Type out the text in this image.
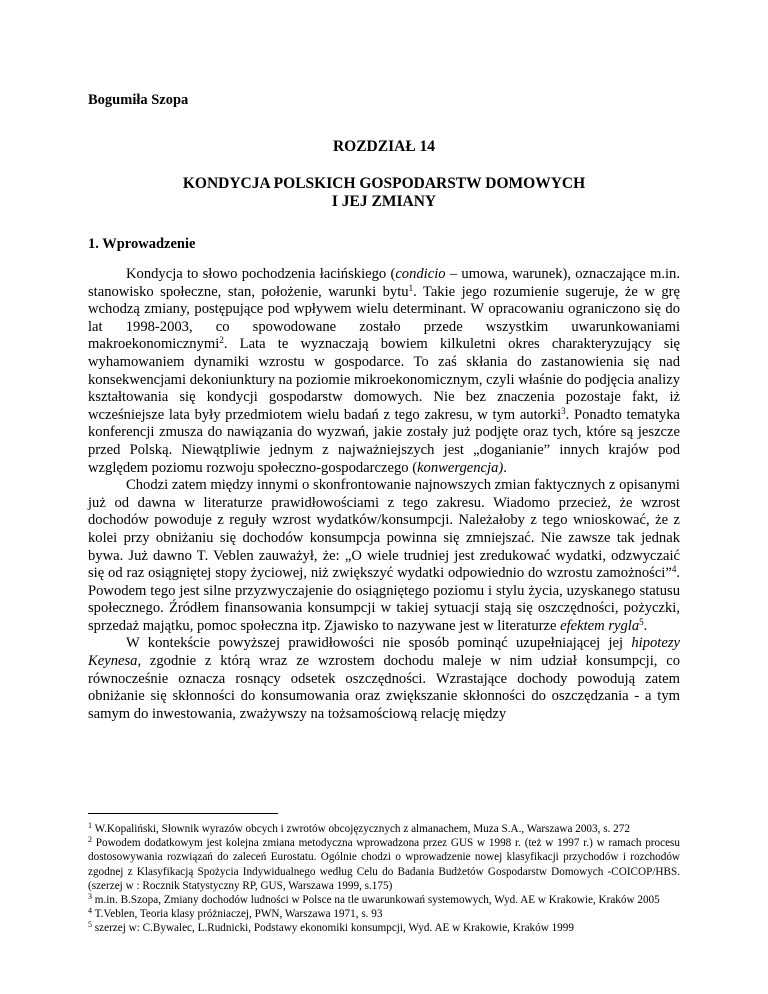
Bogumiła Szopa
ROZDZIAŁ 14
KONDYCJA POLSKICH GOSPODARSTW DOMOWYCH
I JEJ ZMIANY
1. Wprowadzenie

Kondycja to słowo pochodzenia łacińskiego (condicio – umowa, warunek), oznaczające m.in. stanowisko społeczne, stan, położenie, warunki bytu$^1$. Takie jego rozumienie sugeruje, że w grę wchodzą zmiany, postępujące pod wpływem wielu determinant. W opracowaniu ograniczono się do lat 1998-2003, co spowodowane zostało przede wszystkim uwarunkowaniami makroekonomicznymi$^2$. Lata te wyznaczają bowiem kilkuletni okres charakteryzujący się wyhamowaniem dynamiki wzrostu w gospodarce. To zaś skłania do zastanowienia się nad konsekwencjami dekoniunktury na poziomie mikroekonomicznym, czyli właśnie do podjęcia analizy kształtowania się kondycji gospodarstw domowych. Nie bez znaczenia pozostaje fakt, iż wcześniejsze lata były przedmiotem wielu badań z tego zakresu, w tym autorki$^3$. Ponadto tematyka konferencji zmusza do nawiązania do wyzwań, jakie zostały już podjęte oraz tych, które są jeszcze przed Polską. Niewątpliwie jednym z najważniejszych jest „doganianie” innych krajów pod względem poziomu rozwoju społeczno-gospodarczego (konwergencja).

Chodzi zatem między innymi o skonfrontowanie najnowszych zmian faktycznych z opisanymi już od dawna w literaturze prawidłowościami z tego zakresu. Wiadomo przecież, że wzrost dochodów powoduje z reguły wzrost wydatków/konsumpcji. Należałoby z tego wnioskować, że z kolei przy obniżaniu się dochodów konsumpcja powinna się zmniejszać. Nie zawsze tak jednak bywa. Już dawno T. Veblen zauważył, że: „O wiele trudniej jest zredukować wydatki, odzwyczaić się od raz osiągniętej stopy życiowej, niż zwiększyć wydatki odpowiednio do wzrostu zamożności”$^4$. Powodem tego jest silne przyzwyczajenie do osiągniętego poziomu i stylu życia, uzyskanego statusu społecznego. Źródłem finansowania konsumpcji w takiej sytuacji stają się oszczędności, pożyczki, sprzedaż majątku, pomoc społeczna itp. Zjawisko to nazywane jest w literaturze efektem rygla$^5$.

W kontekście powyższej prawidłowości nie sposób pominąć uzupełniającej jej hipotezy Keynesa, zgodnie z którą wraz ze wzrostem dochodu maleje w nim udział konsumpcji, co równocześnie oznacza rosnący odsetek oszczędności. Wzrastające dochody powodują zatem obniżanie się skłonności do konsumowania oraz zwiększanie skłonności do oszczędzania - a tym samym do inwestowania, zważywszy na tożsamościową relację między

$^1$ W.Kopaliński, Słownik wyrazów obcych i zwrotów obcojęzycznych z almanachem, Muza S.A., Warszawa 2003, s. 272

$^2$ Powodem dodatkowym jest kolejna zmiana metodyczna wprowadzona przez GUS w 1998 r. (też w 1997 r.) w ramach procesu dostosowywania rozwiązań do zaleceń Eurostatu. Ogólnie chodzi o wprowadzenie nowej klasyfikacji przychodów i rozchodów zgodnej z Klasyfikacją Spożycia Indywidualnego według Celu do Badania Budżetów Gospodarstw Domowych -COICOP/HBS. (szerzej w : Rocznik Statystyczny RP, GUS, Warszawa 1999, s.175)

$^3$ m.in. B.Szopa, Zmiany dochodów ludności w Polsce na tle uwarunkowań systemowych, Wyd. AE w Krakowie, Kraków 2005

$^4$ T.Veblen, Teoria klasy próżniaczej, PWN, Warszawa 1971, s. 93

$^5$ szerzej w: C.Bywalec, L.Rudnicki, Podstawy ekonomiki konsumpcji, Wyd. AE w Krakowie, Kraków 1999
